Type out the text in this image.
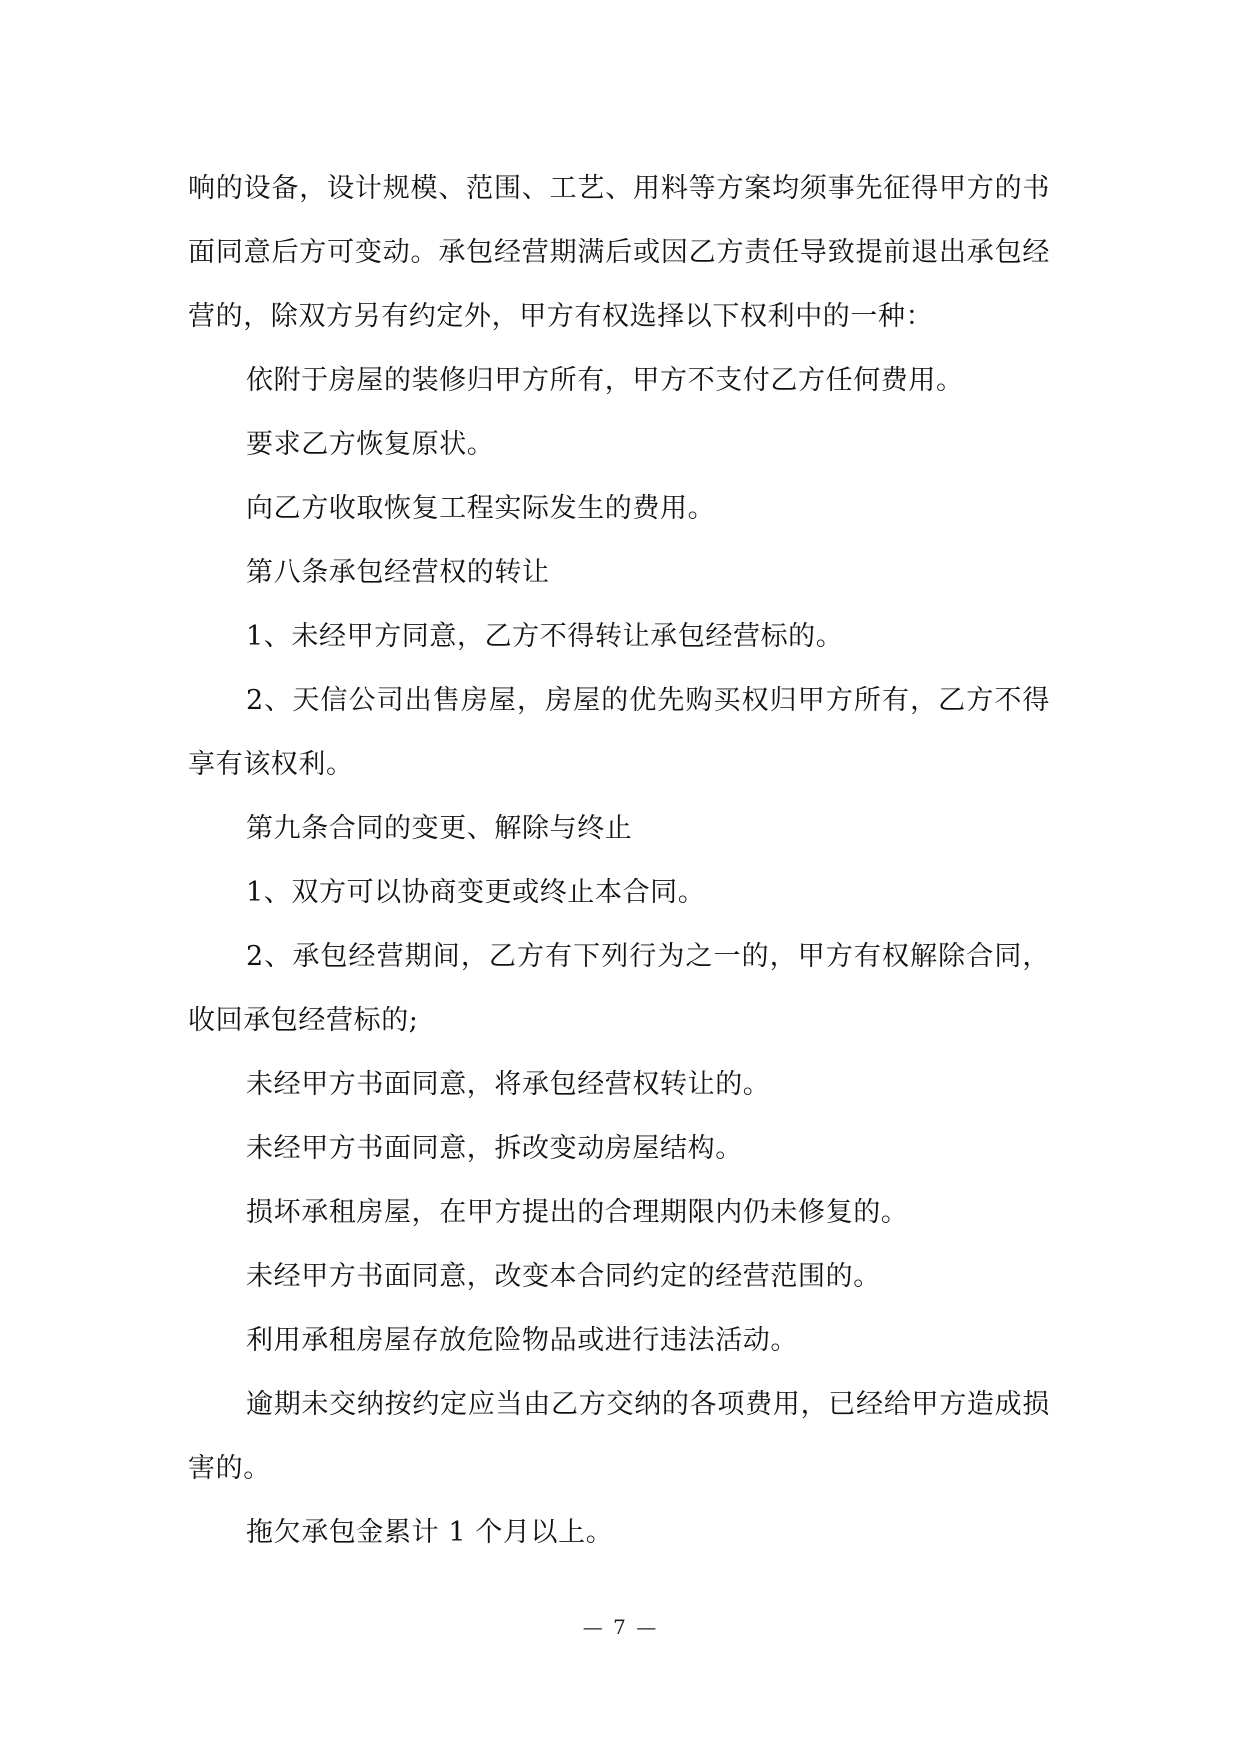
响的设备，设计规模、范围、工艺、用料等方案均须事先征得甲方的书面同意后方可变动。承包经营期满后或因乙方责任导致提前退出承包经营的，除双方另有约定外，甲方有权选择以下权利中的一种：

依附于房屋的装修归甲方所有，甲方不支付乙方任何费用。

要求乙方恢复原状。

向乙方收取恢复工程实际发生的费用。

第八条承包经营权的转让

1、未经甲方同意，乙方不得转让承包经营标的。

2、天信公司出售房屋，房屋的优先购买权归甲方所有，乙方不得享有该权利。

第九条合同的变更、解除与终止

1、双方可以协商变更或终止本合同。

2、承包经营期间，乙方有下列行为之一的，甲方有权解除合同，收回承包经营标的;

未经甲方书面同意，将承包经营权转让的。

未经甲方书面同意，拆改变动房屋结构。

损坏承租房屋，在甲方提出的合理期限内仍未修复的。

未经甲方书面同意，改变本合同约定的经营范围的。

利用承租房屋存放危险物品或进行违法活动。

逾期未交纳按约定应当由乙方交纳的各项费用，已经给甲方造成损害的。

拖欠承包金累计 1 个月以上。

— 7 —
